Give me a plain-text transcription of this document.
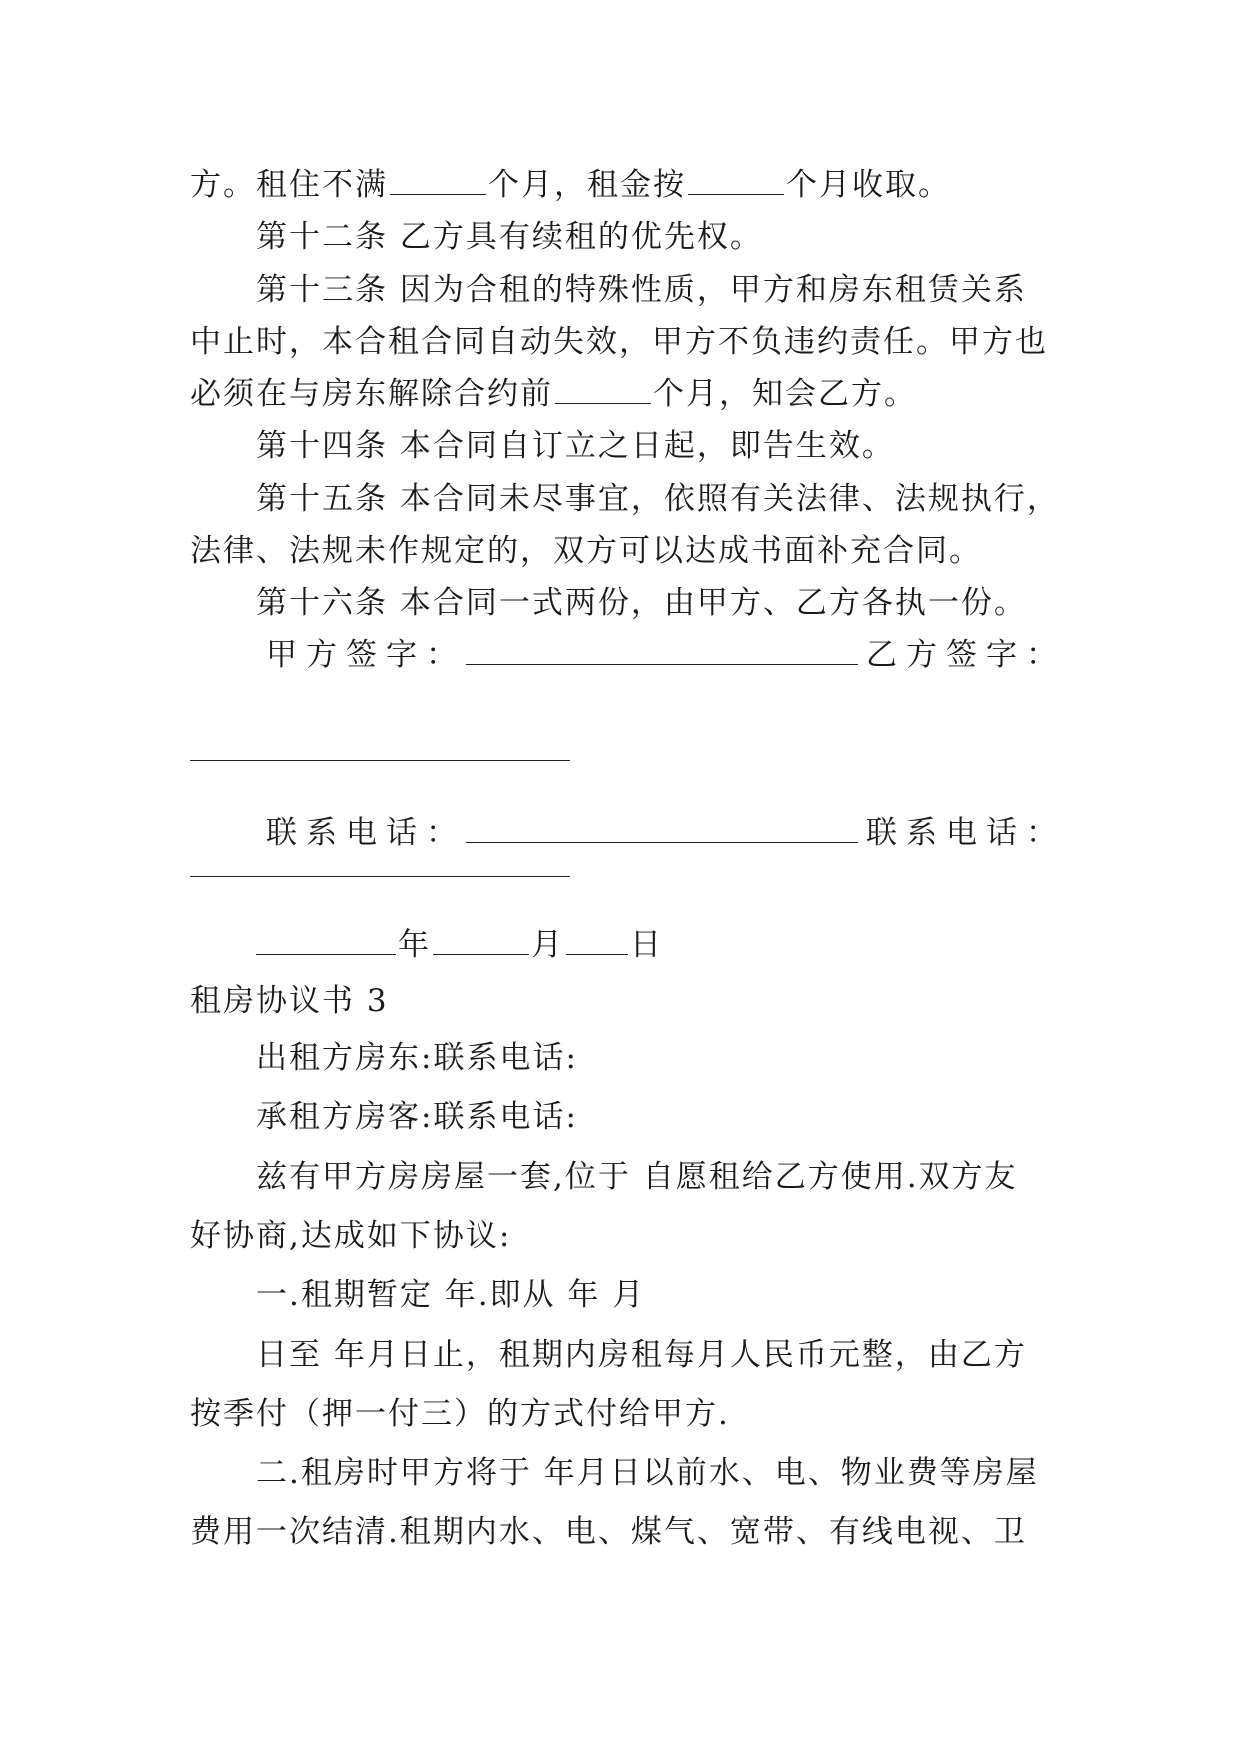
方。租住不满	个月，租金按	个月收取。
第十二条 乙方具有续租的优先权。
第十三条 因为合租的特殊性质，甲方和房东租赁关系
中止时，本合租合同自动失效，甲方不负违约责任。甲方也
必须在与房东解除合约前	个月，知会乙方。
第十四条 本合同自订立之日起，即告生效。
第十五条 本合同未尽事宜，依照有关法律、法规执行，
法律、法规未作规定的，双方可以达成书面补充合同。
第十六条 本合同一式两份，由甲方、乙方各执一份。
甲方签字：	乙方签字：
联系电话：	联系电话：
年	月 日
租房协议书 3
出租方房东:联系电话:
承租方房客:联系电话:
兹有甲方房房屋一套,位于 自愿租给乙方使用.双方友
好协商,达成如下协议:
一.租期暂定 年.即从 年 月
日至 年月日止，租期内房租每月人民币元整，由乙方
按季付（押一付三）的方式付给甲方.
二.租房时甲方将于 年月日以前水、电、物业费等房屋
费用一次结清.租期内水、电、煤气、宽带、有线电视、卫
